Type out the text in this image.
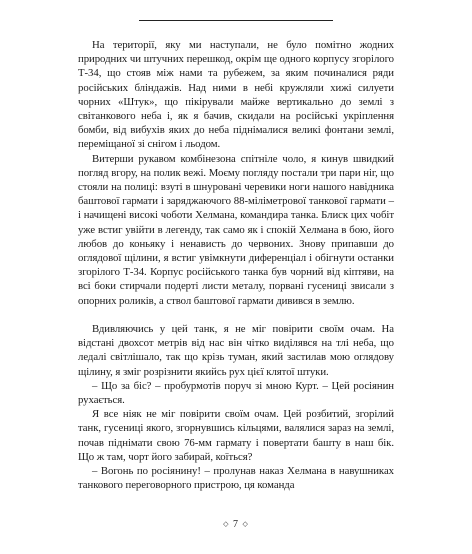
На території, яку ми наступали, не було помітно жодних природних чи штучних перешкод, окрім ще одного корпусу згорілого Т-34, що стояв між нами та рубежем, за яким починалися ряди російських бліндажів. Над ними в небі кружляли хижі силуети чорних «Штук», що пікірували майже вертикально до землі з світанкового неба і, як я бачив, скидали на російські укріплення бомби, від вибухів яких до неба піднімалися великі фонтани землі, переміщаної зі снігом і льодом.

Витерши рукавом комбінезона спітніле чоло, я кинув швидкий погляд вгору, на полик вежі. Моєму погляду постали три пари ніг, що стояли на полиці: взуті в шнуровані черевики ноги нашого навідника баштової гармати і заряджаючого 88-міліметрової танкової гармати – і начищені високі чоботи Хелмана, командира танка. Блиск цих чобіт уже встиг увійти в легенду, так само як і спокій Хелмана в бою, його любов до коньяку і ненависть до червоних. Знову припавши до оглядової щілини, я встиг увімкнути диференціал і обігнути останки згорілого Т-34. Корпус російського танка був чорний від кіптяви, на всі боки стирчали подерті листи металу, порвані гусениці звисали з опорних роликів, а ствол баштової гармати дивився в землю.

Вдивляючись у цей танк, я не міг повірити своїм очам. На відстані двохсот метрів від нас він чітко виділявся на тлі неба, що ледалі світлішало, так що крізь туман, який застилав мою оглядову щілину, я зміг розрізнити якийсь рух цієї клятої штуки.

– Що за біс? – пробурмотів поруч зі мною Курт. – Цей росіянин рухається.

Я все ніяк не міг повірити своїм очам. Цей розбитий, згорілий танк, гусениці якого, згорнувшись кільцями, валялися зараз на землі, почав піднімати свою 76-мм гармату і повертати башту в наш бік. Що ж там, чорт його забирай, коїться?

– Вогонь по росіянину! – пролунав наказ Хелмана в навушниках танкового переговорного пристрою, ця команда

◇ 7 ◇
